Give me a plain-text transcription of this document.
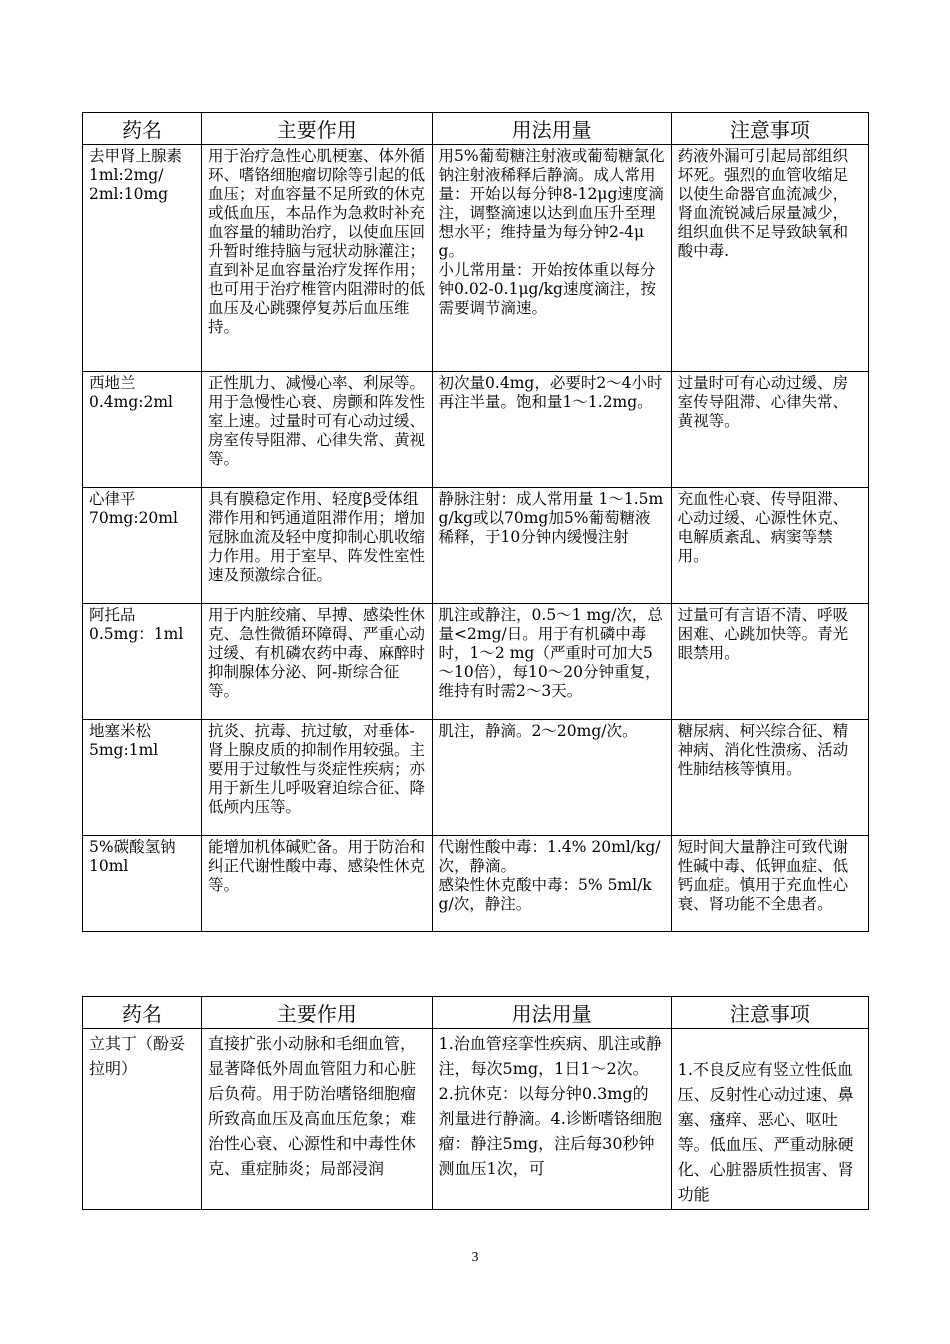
药名	主要作用	用法用量	注意事项

去甲肾上腺素
1ml:2mg/
2ml:10mg	用于治疗急性心肌梗塞、体外循环、嗜铬细胞瘤切除等引起的低血压；对血容量不足所致的休克或低血压，本品作为急救时补充血容量的辅助治疗，以使血压回升暂时维持脑与冠状动脉灌注；直到补足血容量治疗发挥作用；也可用于治疗椎管内阻滞时的低血压及心跳骤停复苏后血压维持。	用5%葡萄糖注射液或葡萄糖氯化钠注射液稀释后静滴。成人常用量：开始以每分钟8-12μg速度滴注，调整滴速以达到血压升至理想水平；维持量为每分钟2-4μg。
小儿常用量：开始按体重以每分钟0.02-0.1μg/kg速度滴注，按需要调节滴速。	药液外漏可引起局部组织坏死。强烈的血管收缩足以使生命器官血流减少，肾血流锐减后尿量减少，组织血供不足导致缺氧和酸中毒.

西地兰
0.4mg:2ml	正性肌力、减慢心率、利尿等。用于急慢性心衰、房颤和阵发性室上速。过量时可有心动过缓、房室传导阻滞、心律失常、黄视等。	初次量0.4mg，必要时2～4小时再注半量。饱和量1～1.2mg。	过量时可有心动过缓、房室传导阻滞、心律失常、黄视等。

心律平
70mg:20ml	具有膜稳定作用、轻度β受体组滞作用和钙通道阻滞作用；增加冠脉血流及轻中度抑制心肌收缩力作用。用于室早、阵发性室性速及预激综合征。	静脉注射：成人常用量 1～1.5mg/kg或以70mg加5%葡萄糖液稀释，于10分钟内缓慢注射	充血性心衰、传导阻滞、心动过缓、心源性休克、电解质紊乱、病窦等禁用。

阿托品
0.5mg：1ml	用于内脏绞痛、早搏、感染性休克、急性微循环障碍、严重心动过缓、有机磷农药中毒、麻醉时抑制腺体分泌、阿-斯综合征等。	肌注或静注，0.5～1 mg/次，总量<2mg/日。用于有机磷中毒时，1～2 mg（严重时可加大5～10倍），每10～20分钟重复，维持有时需2～3天。	过量可有言语不清、呼吸困难、心跳加快等。青光眼禁用。

地塞米松
5mg:1ml	抗炎、抗毒、抗过敏，对垂体-肾上腺皮质的抑制作用较强。主要用于过敏性与炎症性疾病；亦用于新生儿呼吸窘迫综合征、降低颅内压等。	肌注，静滴。2～20mg/次。	糖尿病、柯兴综合征、精神病、消化性溃疡、活动性肺结核等慎用。

5%碳酸氢钠
10ml	能增加机体碱贮备。用于防治和纠正代谢性酸中毒、感染性休克等。	代谢性酸中毒：1.4% 20ml/kg/次，静滴。
感染性休克酸中毒：5% 5ml/kg/次，静注。	短时间大量静注可致代谢性碱中毒、低钾血症、低钙血症。慎用于充血性心衰、肾功能不全患者。
药名	主要作用	用法用量	注意事项

立其丁（酚妥拉明）	直接扩张小动脉和毛细血管，显著降低外周血管阻力和心脏后负荷。用于防治嗜铬细胞瘤所致高血压及高血压危象；难治性心衰、心源性和中毒性休克、重症肺炎；局部浸润	1.治血管痉挛性疾病、肌注或静注，每次5mg，1日1～2次。 2.抗休克：以每分钟0.3mg的剂量进行静滴。4.诊断嗜铬细胞瘤：静注5mg，注后每30秒钟测血压1次，可	1.不良反应有竖立性低血压、反射性心动过速、鼻塞、瘙痒、恶心、呕吐等。低血压、严重动脉硬化、心脏器质性损害、肾功能
3
